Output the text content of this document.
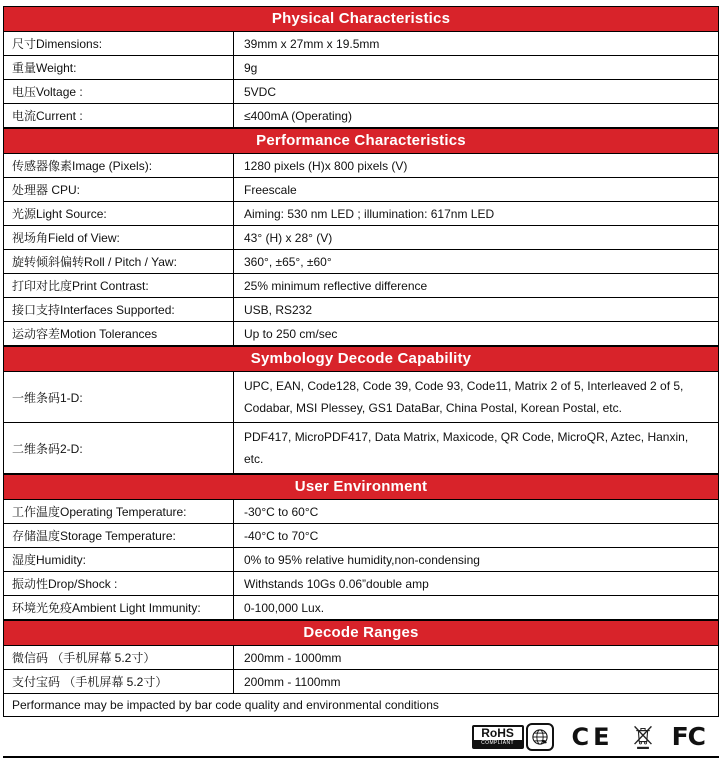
Physical Characteristics
尺寸Dimensions:	39mm x 27mm x 19.5mm
重量Weight:	9g
电压Voltage :	5VDC
电流Current :	≤400mA (Operating)
Performance Characteristics
传感器像素Image (Pixels):	1280 pixels (H)x 800 pixels (V)
处理器 CPU:	Freescale
光源Light Source:	Aiming: 530 nm LED ; illumination: 617nm LED
视场角Field of View:	43° (H) x 28° (V)
旋转倾斜偏转Roll / Pitch / Yaw:	360°, ±65°, ±60°
打印对比度Print Contrast:	25% minimum reflective difference
接口支持Interfaces Supported:	USB, RS232
运动容差Motion Tolerances	Up to 250 cm/sec
Symbology Decode Capability
一维条码1-D:
UPC, EAN, Code128, Code 39, Code 93, Code11, Matrix 2 of 5, Interleaved 2 of 5, Codabar, MSI Plessey, GS1 DataBar, China Postal, Korean Postal, etc.
二维条码2-D:
PDF417, MicroPDF417, Data Matrix, Maxicode, QR Code, MicroQR, Aztec, Hanxin, etc.
User Environment
工作温度Operating Temperature:	-30°C to 60°C
存储温度Storage Temperature:	-40°C to 70°C
湿度Humidity:	0% to 95% relative humidity,non-condensing
振动性Drop/Shock :	Withstands 10Gs 0.06”double amp
环境光免疫Ambient Light Immunity:	0-100,000 Lux.
Decode Ranges
微信码 （手机屏幕 5.2寸）	200mm - 1000mm
支付宝码 （手机屏幕 5.2寸）	200mm - 1100mm
Performance may be impacted by bar code quality and environmental conditions
RoHS
COMPLIANT	CE FC
